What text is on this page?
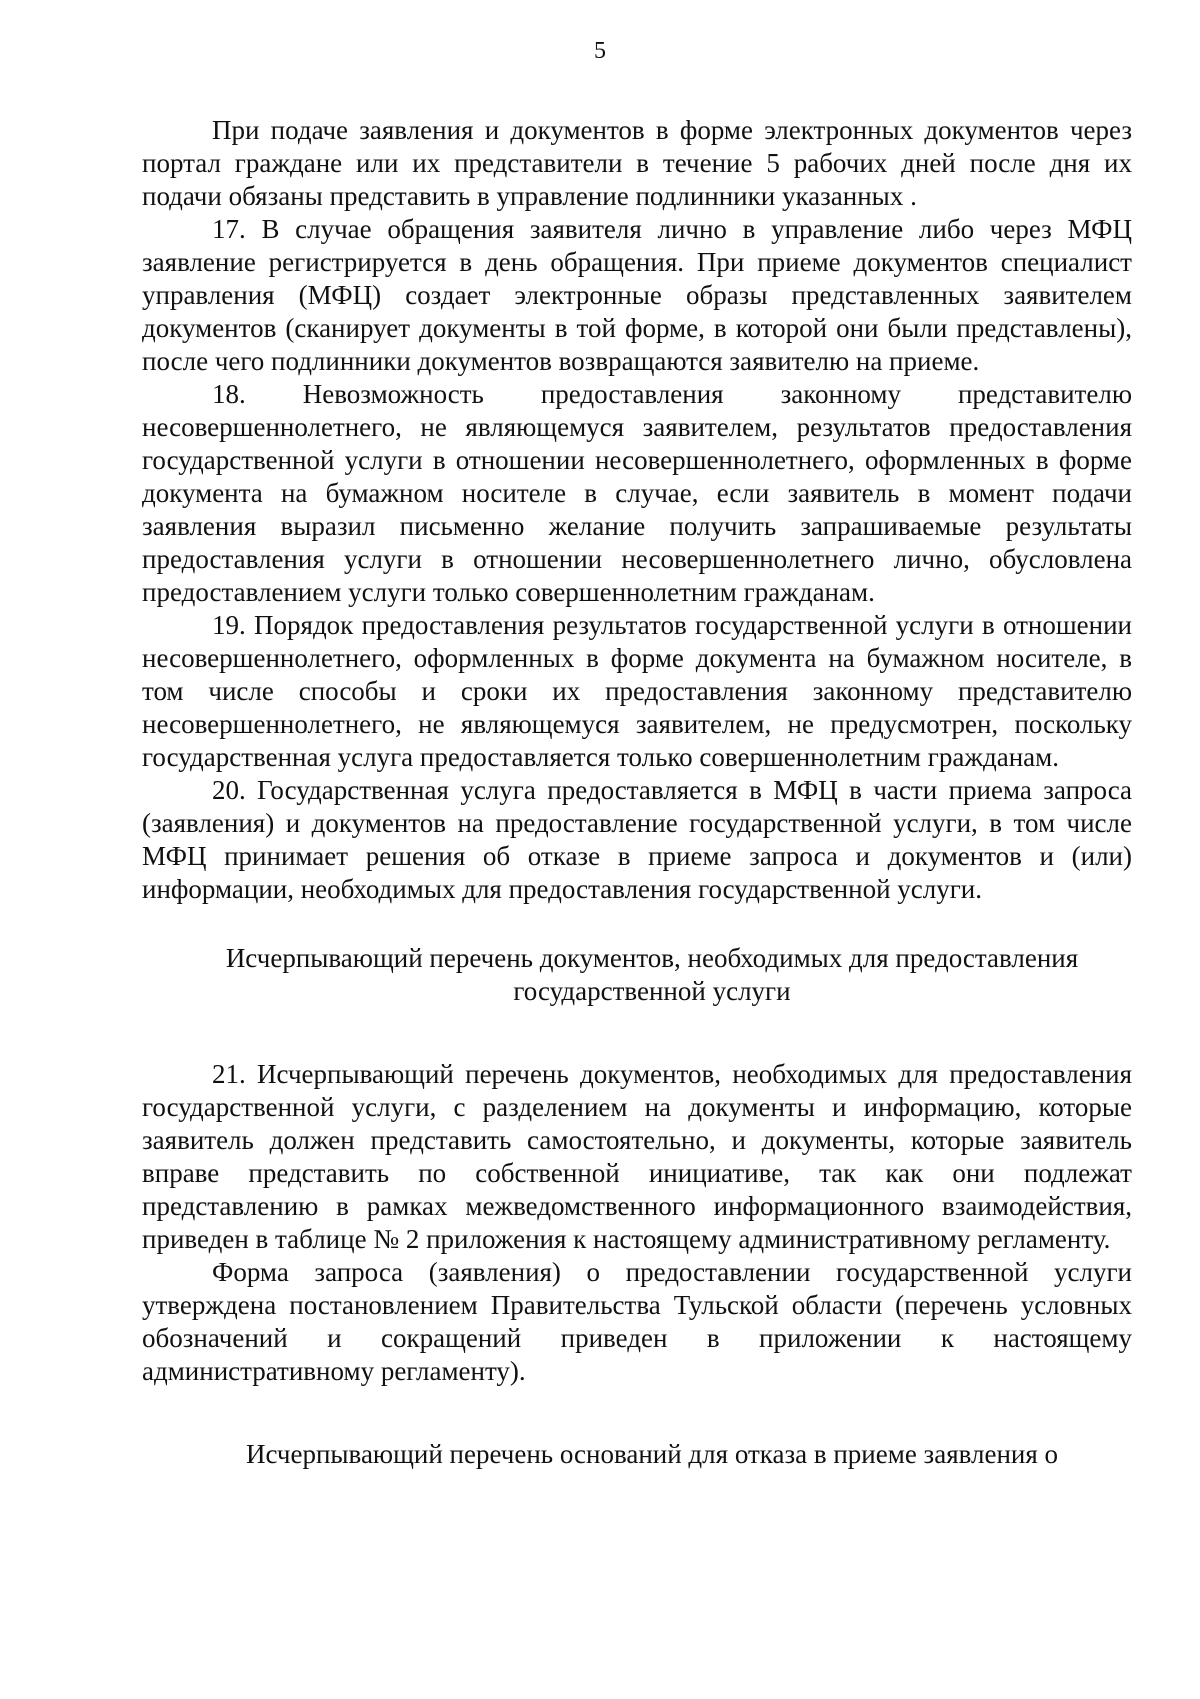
5

При подаче заявления и документов в форме электронных документов через портал граждане или их представители в течение 5 рабочих дней после дня их подачи обязаны представить в управление подлинники указанных .

17. В случае обращения заявителя лично в управление либо через МФЦ заявление регистрируется в день обращения. При приеме документов специалист управления (МФЦ) создает электронные образы представленных заявителем документов (сканирует документы в той форме, в которой они были представлены), после чего подлинники документов возвращаются заявителю на приеме.

18. Невозможность предоставления законному представителю несовершеннолетнего, не являющемуся заявителем, результатов предоставления государственной услуги в отношении несовершеннолетнего, оформленных в форме документа на бумажном носителе в случае, если заявитель в момент подачи заявления выразил письменно желание получить запрашиваемые результаты предоставления услуги в отношении несовершеннолетнего лично, обусловлена предоставлением услуги только совершеннолетним гражданам.

19. Порядок предоставления результатов государственной услуги в отношении несовершеннолетнего, оформленных в форме документа на бумажном носителе, в том числе способы и сроки их предоставления законному представителю несовершеннолетнего, не являющемуся заявителем, не предусмотрен, поскольку государственная услуга предоставляется только совершеннолетним гражданам.

20. Государственная услуга предоставляется в МФЦ в части приема запроса (заявления) и документов на предоставление государственной услуги, в том числе МФЦ принимает решения об отказе в приеме запроса и документов и (или) информации, необходимых для предоставления государственной услуги.

Исчерпывающий перечень документов, необходимых для предоставления государственной услуги

21. Исчерпывающий перечень документов, необходимых для предоставления государственной услуги, с разделением на документы и информацию, которые заявитель должен представить самостоятельно, и документы, которые заявитель вправе представить по собственной инициативе, так как они подлежат представлению в рамках межведомственного информационного взаимодействия, приведен в таблице № 2 приложения к настоящему административному регламенту.

Форма запроса (заявления) о предоставлении государственной услуги утверждена постановлением Правительства Тульской области (перечень условных обозначений и сокращений приведен в приложении к настоящему административному регламенту).

Исчерпывающий перечень оснований для отказа в приеме заявления о
